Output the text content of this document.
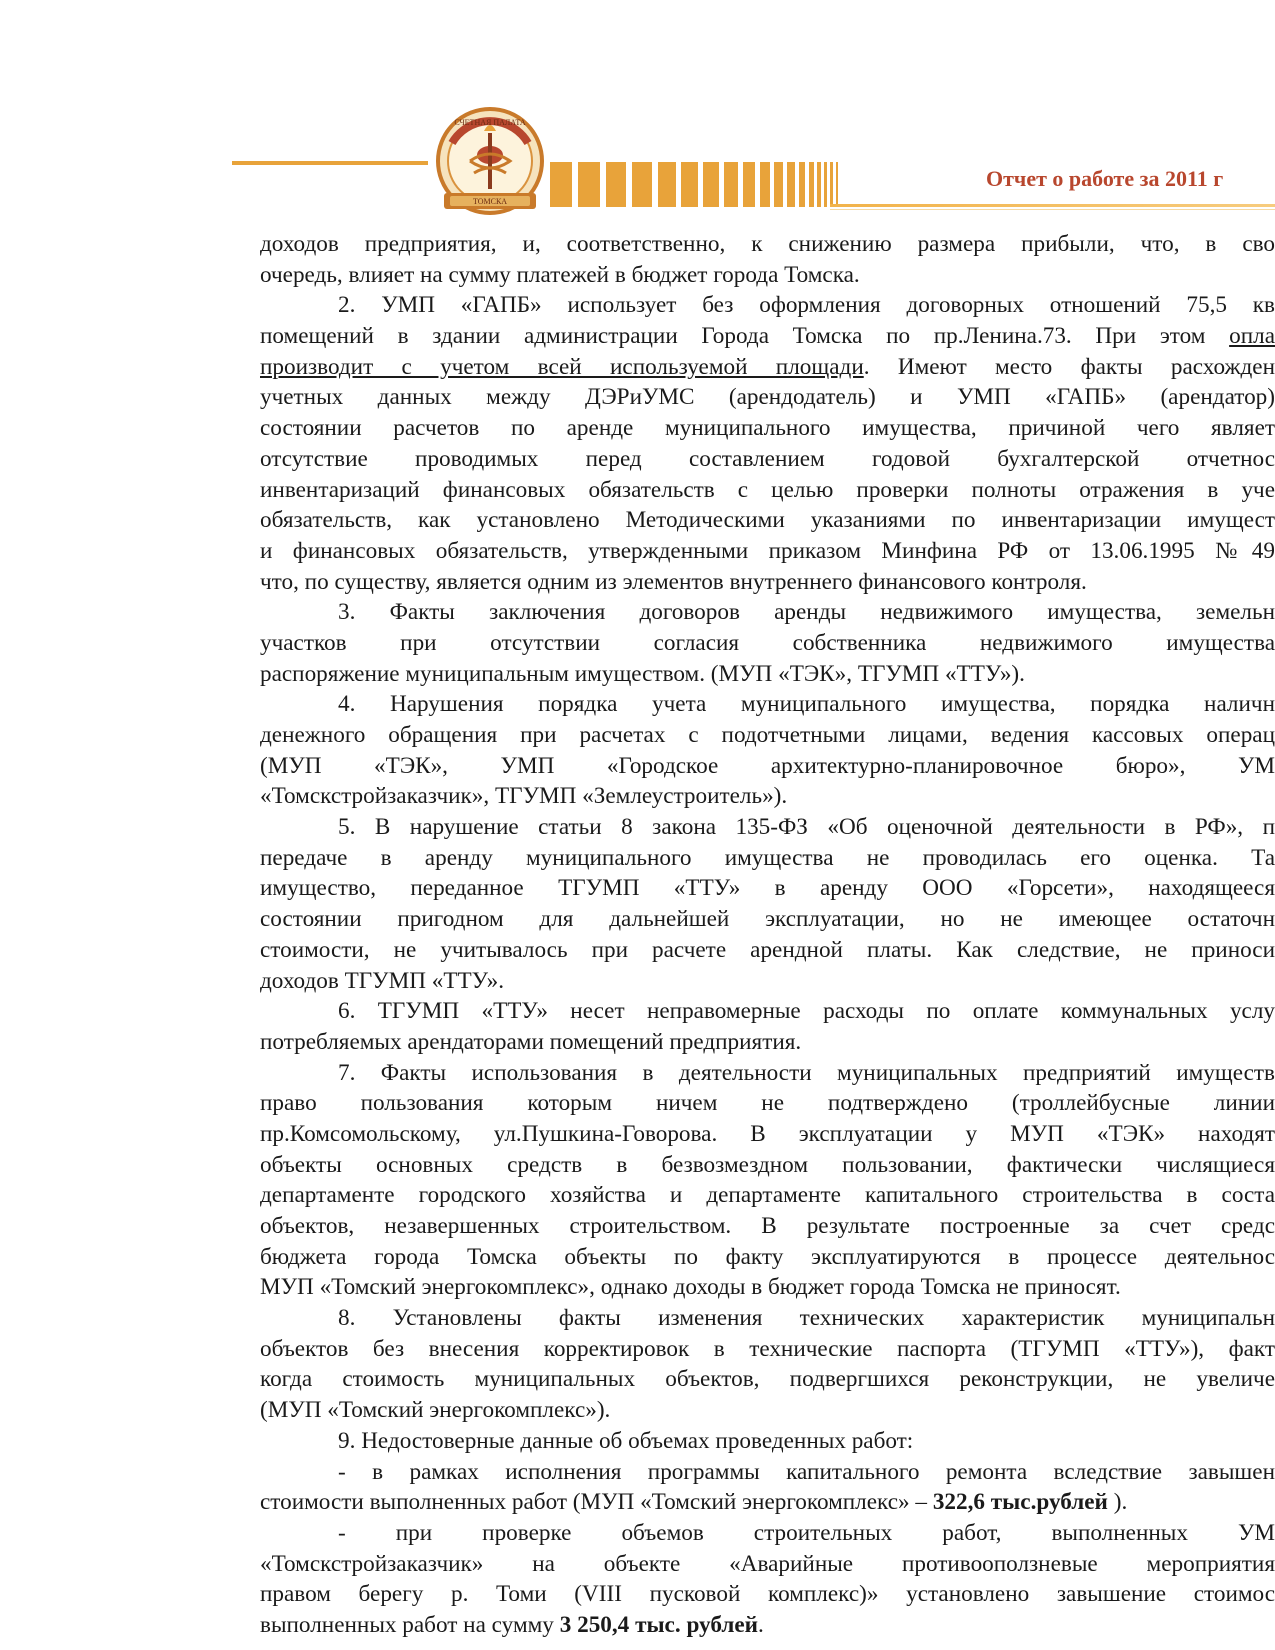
СЧЕТНАЯ ПАЛАТА
ТОМСКА
Отчет о работе за 2011 г
доходов предприятия, и, соответственно, к снижению размера прибыли, что, в сво
очередь, влияет на сумму платежей в бюджет города Томска.
2. УМП «ГАПБ» использует без оформления договорных отношений 75,5 кв
помещений в здании администрации Города Томска по пр.Ленина.73. При этом опла
производит с учетом всей используемой площади. Имеют место факты расхожден
учетных данных между ДЭРиУМС (арендодатель) и УМП «ГАПБ» (арендатор)
состоянии расчетов по аренде муниципального имущества, причиной чего являет
отсутствие проводимых перед составлением годовой бухгалтерской отчетнос
инвентаризаций финансовых обязательств с целью проверки полноты отражения в уче
обязательств, как установлено Методическими указаниями по инвентаризации имущест
и финансовых обязательств, утвержденными приказом Минфина РФ от 13.06.1995 №49
что, по существу, является одним из элементов внутреннего финансового контроля.
3. Факты заключения договоров аренды недвижимого имущества, земельн
участков при отсутствии согласия собственника недвижимого имущества
распоряжение муниципальным имуществом. (МУП «ТЭК», ТГУМП «ТТУ»).
4. Нарушения порядка учета муниципального имущества, порядка наличн
денежного обращения при расчетах с подотчетными лицами, ведения кассовых операц
(МУП «ТЭК», УМП «Городское архитектурно-планировочное бюро», УМ
«Томскстройзаказчик», ТГУМП «Землеустроитель»).
5. В нарушение статьи 8 закона 135-ФЗ «Об оценочной деятельности в РФ», п
передаче в аренду муниципального имущества не проводилась его оценка. Та
имущество, переданное ТГУМП «ТТУ» в аренду ООО «Горсети», находящееся
состоянии пригодном для дальнейшей эксплуатации, но не имеющее остаточн
стоимости, не учитывалось при расчете арендной платы. Как следствие, не приноси
доходов ТГУМП «ТТУ».
6. ТГУМП «ТТУ» несет неправомерные расходы по оплате коммунальных услу
потребляемых арендаторами помещений предприятия.
7. Факты использования в деятельности муниципальных предприятий имуществ
право пользования которым ничем не подтверждено (троллейбусные линии
пр.Комсомольскому, ул.Пушкина-Говорова. В эксплуатации у МУП «ТЭК» находят
объекты основных средств в безвозмездном пользовании, фактически числящиеся
департаменте городского хозяйства и департаменте капитального строительства в соста
объектов, незавершенных строительством. В результате построенные за счет средс
бюджета города Томска объекты по факту эксплуатируются в процессе деятельнос
МУП «Томский энергокомплекс», однако доходы в бюджет города Томска не приносят.
8. Установлены факты изменения технических характеристик муниципальн
объектов без внесения корректировок в технические паспорта (ТГУМП «ТТУ»), факт
когда стоимость муниципальных объектов, подвергшихся реконструкции, не увеличе
(МУП «Томский энергокомплекс»).
9. Недостоверные данные об объемах проведенных работ:
- в рамках исполнения программы капитального ремонта вследствие завышен
стоимости выполненных работ (МУП «Томский энергокомплекс» – 322,6 тыс.рублей ).
- при проверке объемов строительных работ, выполненных УМ
«Томскстройзаказчик» на объекте «Аварийные противооползневые мероприятия
правом берегу р. Томи (VIII пусковой комплекс)» установлено завышение стоимос
выполненных работ на сумму 3 250,4 тыс. рублей.
